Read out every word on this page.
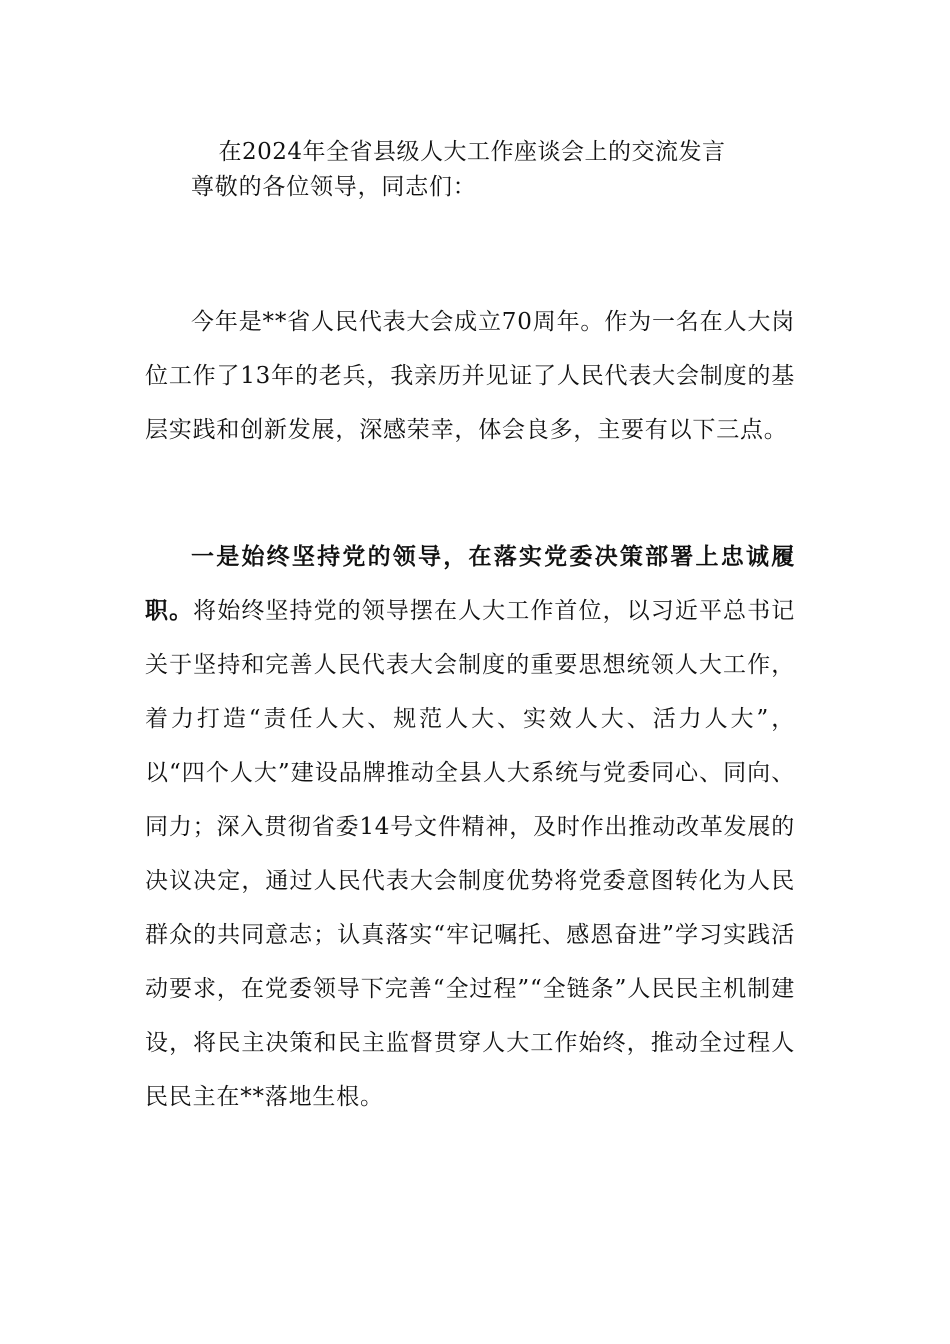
在2024年全省县级人大工作座谈会上的交流发言

尊敬的各位领导，同志们：

今年是**省人民代表大会成立70周年。作为一名在人大岗位工作了13年的老兵，我亲历并见证了人民代表大会制度的基层实践和创新发展，深感荣幸，体会良多，主要有以下三点。

一是始终坚持党的领导，在落实党委决策部署上忠诚履职。将始终坚持党的领导摆在人大工作首位，以习近平总书记关于坚持和完善人民代表大会制度的重要思想统领人大工作，着力打造“责任人大、规范人大、实效人大、活力人大”，以“四个人大”建设品牌推动全县人大系统与党委同心、同向、同力；深入贯彻省委14号文件精神，及时作出推动改革发展的决议决定，通过人民代表大会制度优势将党委意图转化为人民群众的共同意志；认真落实“牢记嘱托、感恩奋进”学习实践活动要求，在党委领导下完善“全过程”“全链条”人民民主机制建设，将民主决策和民主监督贯穿人大工作始终，推动全过程人民民主在**落地生根。
